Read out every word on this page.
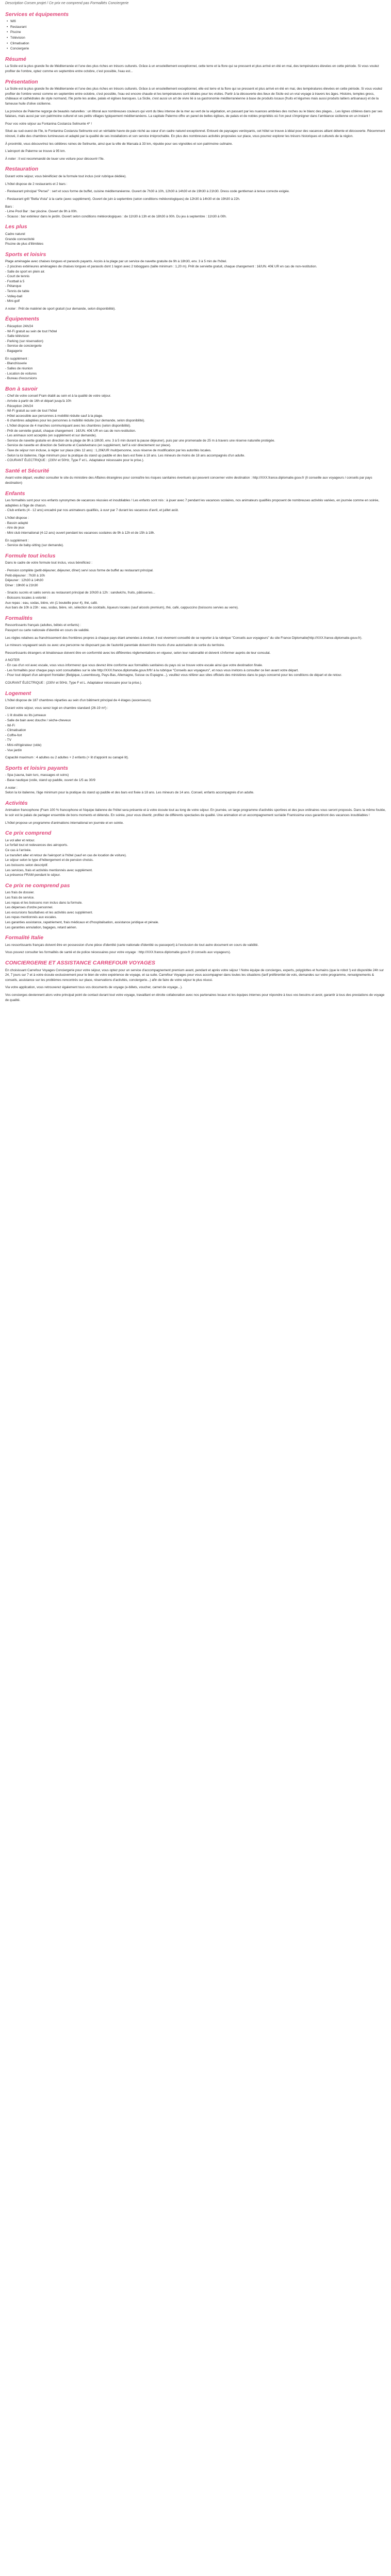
Description Corsen projet / Ce prix ne comprend pas Formalités Conciergerie
Services et équipements
• Wifi
• Restaurant
• Piscine
• Télévision
• Climatisation
• Conciergerie
Résumé

La Sicile est la plus grande île de Méditerranée et l'une des plus riches en trésors culturels. Grâce à un ensoleillement exceptionnel, cette terre et la flore qui se pressent et plus arrivé en été en mai, des températures élevées en cette période. Si vous voulez profiter de l'ombre, optez comme en septembre entre octobre, c'est possible, l'eau est...

Présentation

La Sicile est la plus grande île de Méditerranée et l'une des plus riches en trésors culturels. Grâce à un ensoleillement exceptionnel, elle est terre et la flore qui se pressent et plus arrivé en été en mai, des températures élevées en cette période. Si vous voulez profiter de l'ombre venez comme en septembre entre octobre, c'est possible, l'eau est encore chaude et les températures sont idéales pour les visites. Partir à la découverte des lieux de Sicile est un vrai voyage à travers les âges. Histoire, temples grecs, châteaux et cathédrales de style normand, l'île porte les arabe, palais et églises baroques. La Sicile, c'est aussi un art de vivre lié à sa gastronomie méditerranéenne à base de produits locaux (fruits et légumes mais aussi produits laitiers artisanaux) et de la fameuse huile d'olive sicilienne.

La province de Palerme regorge de beautés naturelles : un littoral aux nombreuses couleurs qui vont du bleu intense de la mer au vert de la végétation, en passant par les nuances ambrées des roches ou le blanc des plages... Les lignes côtières dans par ses falaises, mais aussi par son patrimoine culturel et ses petits villages typiquement méditerranéens. La capitale Palermo offre un panel de belles églises, de palais et de nobles propriétés où l'on peut s'imprégner dans l'ambiance sicilienne en un instant !

Pour vos votre séjour au Fontanina Costanza Selinunte 4* !

Situé au sud-ouest de l'île, le Fontanina Costanza Selinunte est un véritable havre de paix niché au cœur d'un cadre naturel exceptionnel. Entouré de paysages verdoyants, cet hôtel se trouve à idéal pour des vacances alliant détente et découverte. Récemment rénové, il allie des chambres lumineuses et adapté par la qualité de ses installations et son service irréprochable. En plus des nombreuses activités proposées sur place, vous pourrez explorer les trésors historiques et culturels de la région.

À proximité, vous découvrirez les célèbres ruines de Selinunte, ainsi que la ville de Marsala à 33 km, réputée pour ses vignobles et son patrimoine culinaire.

L'aéroport de Palerme se trouve à 95 km.

À noter : Il est recommandé de louer une voiture pour découvrir l'île.

Restauration

Durant votre séjour, vous bénéficiez de la formule tout inclus (voir rubrique dédiée).

L'hôtel dispose de 2 restaurants et 2 bars :

- Restaurant principal "Persei" : sert et sous forme de buffet, cuisine méditerranéenne. Ouvert de 7h30 à 10h, 12h30 à 14h30 et de 19h30 à 21h30. Dress code gentleman à tenue correcte exigée.

- Restaurant grill "Bella Vista" à la carte (avec supplément). Ouvert de juin à septembre (selon conditions météorologiques) de 12h30 à 14h30 et de 19h30 à 22h.

Bars :
- Lime Pool Bar : bar piscine. Ouvert de 9h à 00h.
- Scauso : bar extérieur dans le jardin. Ouvert selon conditions météorologiques : de 11h30 à 13h et de 18h30 à 00h. Du jeu à septembre : 11h30 à 00h.

Les plus

Cadre naturel
Grande connectivité
Piscine de plus d'illimitées

Sports et loisirs

Plage aménagée avec chaises longues et parasols payants. Accès à la plage par un service de navette gratuite de 9h à 18h30, env. 3 à 5 min de l'hôtel.
- 2 piscines extérieures aménagées de chaises longues et parasols dont 1 lagon avec 2 toboggans (taille minimum : 1,20 m). Prêt de serviette gratuit, chaque changement : 1€/UN. 40€ UR en cas de non-restitution.
- Salle de sport en plein air.
- Court de tennis
- Football à 5
- Pétanque
- Tennis de table
- Volley-ball
- Mini-golf

A noter : Prêt de matériel de sport gratuit (sur demande, selon disponibilité).

Équipements

- Réception 24h/24
- Wi-Fi gratuit au sein de tout l'hôtel
- Salle télévision
- Parking (sur réservation)
- Service de conciergerie
- Bagagerie

En supplément :
- Blanchisserie
- Salles de réunion
- Location de voitures
- Bureau d'excursions

Bon à savoir

- Chef de votre conseil Fram établi au sein et à la qualité de votre séjour.
- Arrivée à partir de 16h et départ jusqu'à 10h
- Réception 24h/24
- Wi-Fi gratuit au sein de tout l'hôtel
- Hôtel accessible aux personnes à mobilité réduite sauf à la plage.
- 6 chambres adaptées pour les personnes à mobilité réduite (sur demande, selon disponibilité).
- L'hôtel dispose de 4 marches communiquant avec les chambres (selon disponibilité).
- Prêt de serviette gratuit, chaque changement : 1€/UN. 40€ UR en cas de non-restitution.
- Les animaux sont acceptés (en supplément et sur demande).
- Service de navette gratuite en direction de la plage de 9h à 18h30, env. 3 à 5 min durant la pause déjeuner), puis par une promenade de 25 m à travers une réserve naturelle protégée.
- Service de navette en direction de Selinunte et Castelvetrano (en supplément, tarif à voir directement sur place).
- Taxe de séjour non incluse, à régler sur place (dès 12 ans) : 1,20€/UR /nuit/personne, sous réserve de modification par les autorités locales.
- Selon la loi italienne, l'âge minimum pour la pratique du stand up paddle et des bars est fixée à 18 ans. Les mineurs de moins de 18 ans accompagnés d'un adulte.
- COURANT ÉLECTRIQUE : (230V et 50Hz, Type F et L. Adaptateur nécessaire pour le prise.).

Santé et Sécurité

Avant votre départ, veuillez consulter le site du ministère des Affaires étrangères pour connaître les risques sanitaires éventuels qui peuvent concerner votre destination : http://XXX.france.diplomatie.gouv.fr (Il conseille aux voyageurs / conseils par pays destination)

Enfants

Les formalités sont pour vos enfants synonymes de vacances réussies et inoubliables ! Les enfants sont rois : à jouer avec 7 pendant les vacances scolaires, nos animateurs qualifiés proposent de nombreuses activités variées, en journée comme en soirée, adaptées à l'âge de chacun.
- Club enfants (4 - 12 ans) encadré par nos animateurs qualifiés, à ouvr par 7 durant les vacances d'avril, et juillet août.

L'hôtel dispose :
- Bassin adapté
- Aire de jeux
- Mini club international (4-12 ans) ouvert pendant les vacances scolaires de 9h à 12h et de 15h à 18h.

En supplément :
- Service de baby-sitting (sur demande).

Formule tout inclus

Dans le cadre de votre formule tout inclus, vous bénéficiez :

- Pension complète (petit-déjeuner, déjeuner, dîner) servi sous forme de buffet au restaurant principal.
Petit-déjeuner : 7h30 à 10h
Déjeuner : 12h30 à 14h30
Dîner : 19h00 à 21h30

- Snacks sucrés et salés servis au restaurant principal de 10h30 à 12h : sandwichs, fruits, pâtisseries...
- Boissons locales à volonté :
Aux repas : eau, sodas, bière, vin (1 bouteille pour 4), thé, café.
Aux bars de 10h à 23h : eau, sodas, bière, vin, sélection de cocktails, liqueurs locales (sauf alcools premium), thé, café, cappuccino (boissons servies au verre).

Formalités

Ressortissants français (adultes, bébés et enfants) :
Passport ou carte nationale d'identité en cours de validité.

Les règles relatives au franchissement des frontières propres à chaque pays étant amenées à évoluer, il est vivement conseillé de se reporter à la rubrique "Conseils aux voyageurs" du site France Diplomatie(http://XXX.france.diplomatie.gouv.fr).

Le mineurs voyageant seuls ou avec une personne ne disposant pas de l'autorité parentale doivent être munis d'une autorisation de sortie du territoire.

Ressortissants étrangers et binationaux doivent être en conformité avec les différentes réglementations en vigueur, selon leur nationalité et doivent s'informer auprès de leur consulat.

A NOTER
- En cas d'un vol avec escale, vous vous informerez que vous devrez être conforme aux formalités sanitaires du pays où se trouve votre escale ainsi que votre destination finale.
- Les formalités pour chaque pays sont consultables sur le site http://XXX.france.diplomatie.gouv.fr/fr/ à la rubrique "Conseils aux voyageurs", et nous vous invitons à consulter ce lien avant votre départ.
- Pour tout départ d'un aéroport frontalier (Belgique, Luxembourg, Pays-Bas, Allemagne, Suisse ou Espagne...), veuillez vous référer aux sites officiels des ministères dans le pays concerné pour les conditions de départ et de retour.

COURANT ÉLECTRIQUE : (230V et 50Hz, Type F et L. Adaptateur nécessaire pour la prise.).

Logement

L'hôtel dispose de 187 chambres réparties au sein d'un bâtiment principal de 4 étages (ascenseurs).

Durant votre séjour, vous serez logé en chambre standard (26-19 m²) :

- 1 lit double ou lits jumeaux
- Salle de bain avec douche / sèche-cheveux
- Wi-Fi
- Climatisation
- Coffre-fort
- TV
- Mini-réfrigérateur (vide)
- Vue jardin

Capacité maximum : 4 adultes ou 2 adultes + 2 enfants (+ lit d'appoint ou canapé lit).

Sports et loisirs payants

- Spa (sauna, bain turc, massages et soins)
- Base nautique (voile, stand up paddle, ouvert de 1/5 au 30/9

A noter :
Selon la loi italienne, l'âge minimum pour la pratique du stand up paddle et des bars est fixée à 18 ans. Les mineurs de 14 ans. Conseil, enfants accompagnés d'un adulte.

Activités

Animation francophone (Fram 100 % francophone et l'équipe italienne de l'hôtel sera présente et à votre écoute tout au long de votre séjour. En journée, un large programme d'activités sportives et des jeux ordinaires vous seront proposés. Dans la même foulée, le soir est le palais de partager ensemble de bons moments et détendu. En soirée, pour vous divertir, profitez de différents spectacles de qualité. Une animation et un accompagnement sur/aide Framissima vous garantiront des vacances inoubliables !

L'hôtel propose un programme d'animations international en journée et en soirée.

Ce prix comprend

Le vol aller et retour.
Le forfait tout et redevances des aéroports.
Ce cas à l'arrivée.
Le transfert aller et retour de l'aéroport à l'hôtel (sauf en cas de location de voiture).
Le séjour selon le type d'hébergement et de pension choisis.
Les boissons selon descriptif.
Les services, frais et activités mentionnés avec supplément.
La présence FRAM pendant le séjour.

Ce prix ne comprend pas

Les frais de dossier.
Les frais de service.
Les repas et les boissons non inclus dans la formule.
Les dépenses d'ordre personnel.
Les excursions facultatives et les activités avec supplément.
Les repas mentionnés aux escales.
Les garanties assistance, rapatriement, frais médicaux et d'hospitalisation, assistance juridique et pénale.
Les garanties annulation, bagages, retard aérien.

Formalité Italie

Les ressortissants français doivent être en possession d'une pièce d'identité (carte nationale d'identité ou passeport) à l'exclusion de tout autre document en cours de validité.

Vous pouvez consulter les formalités de santé et de police nécessaires pour votre voyage : http://XXX.france.diplomatie.gouv.fr (il conseils aux voyageurs).

CONCIERGERIE ET ASSISTANCE CARREFOUR VOYAGES

En choisissant Carrefour Voyages Conciergerie pour votre séjour, vous optez pour un service d'accompagnement premium avant, pendant et après votre séjour ! Notre équipe de concierges, experts, polyglottes et humains (que le robot !) est disponible 24h sur 24, 7 jours sur 7 et à votre écoute exclusivement pour le bien de votre expérience de voyage, et sa suite. Carrefour Voyages pour vous accompagner dans toutes les situations (tarif préférentiel de vols, demandes sur votre programme, renseignements & conseils, assistance sur les problèmes rencontrés sur place, réservations d'activités, conciergerie...) afin de faire de votre séjour le plus réussi.

Via votre application, vous retrouverez également tous vos documents de voyage (e-billets, voucher, carnet de voyage...).

Vos concierges deviennent alors votre principal point de contact durant tout votre voyage, travaillant en étroite collaboration avec nos partenaires locaux et les équipes internes pour répondre à tous vos besoins et avoir, garantir à tous des prestations de voyage de qualité.
